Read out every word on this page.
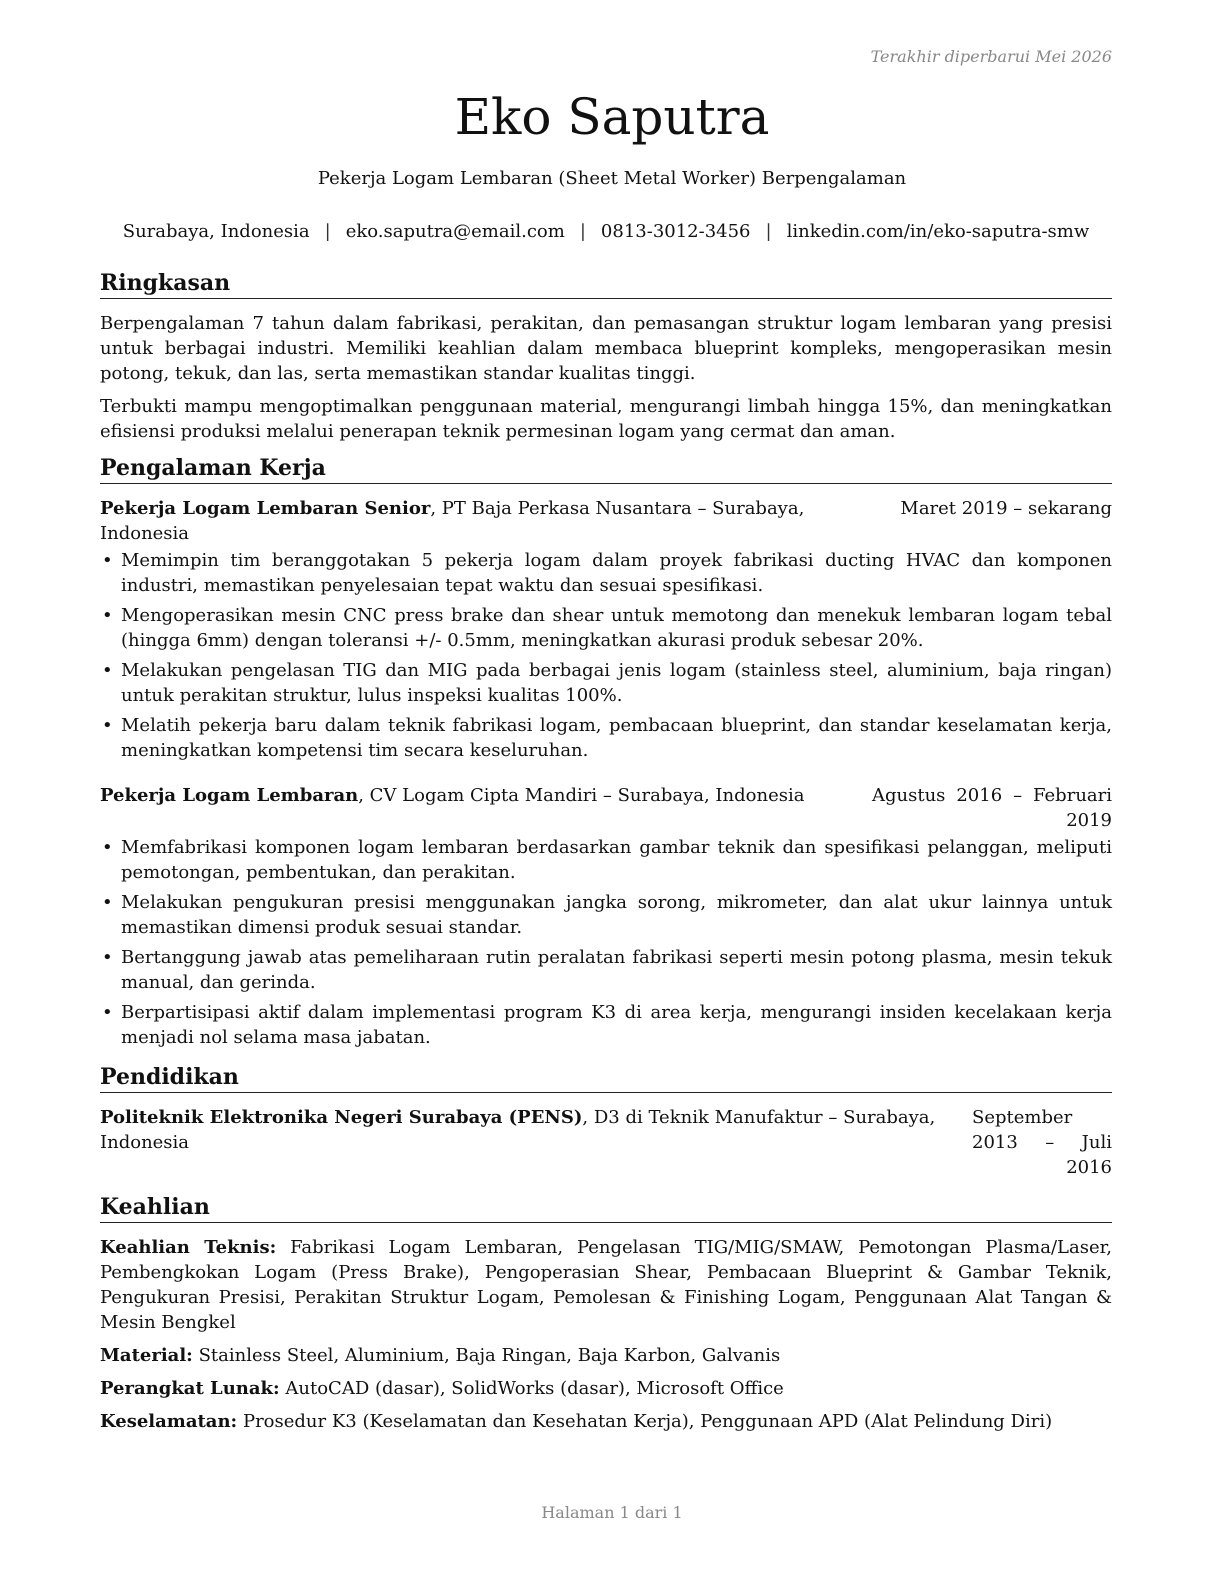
Terakhir diperbarui Mei 2026
Eko Saputra
Pekerja Logam Lembaran (Sheet Metal Worker) Berpengalaman
Surabaya, Indonesia | eko.saputra@email.com | 0813-3012-3456 | linkedin.com/in/eko-saputra-smw
Ringkasan

Berpengalaman 7 tahun dalam fabrikasi, perakitan, dan pemasangan struktur logam lembaran yang presisi untuk berbagai industri. Memiliki keahlian dalam membaca blueprint kompleks, mengoperasikan mesin potong, tekuk, dan las, serta memastikan standar kualitas tinggi.

Terbukti mampu mengoptimalkan penggunaan material, mengurangi limbah hingga 15%, dan meningkatkan efisiensi produksi melalui penerapan teknik permesinan logam yang cermat dan aman.

Pengalaman Kerja
Pekerja Logam Lembaran Senior, PT Baja Perkasa Nusantara – Surabaya, Indonesia
Maret 2019 – sekarang
• Memimpin tim beranggotakan 5 pekerja logam dalam proyek fabrikasi ducting HVAC dan komponen industri, memastikan penyelesaian tepat waktu dan sesuai spesifikasi.
• Mengoperasikan mesin CNC press brake dan shear untuk memotong dan menekuk lembaran logam tebal (hingga 6mm) dengan toleransi +/- 0.5mm, meningkatkan akurasi produk sebesar 20%.
• Melakukan pengelasan TIG dan MIG pada berbagai jenis logam (stainless steel, aluminium, baja ringan) untuk perakitan struktur, lulus inspeksi kualitas 100%.
• Melatih pekerja baru dalam teknik fabrikasi logam, pembacaan blueprint, dan standar keselamatan kerja, meningkatkan kompetensi tim secara keseluruhan.
Pekerja Logam Lembaran, CV Logam Cipta Mandiri – Surabaya, Indonesia	Agustus 2016 – Februari 2019
• Memfabrikasi komponen logam lembaran berdasarkan gambar teknik dan spesifikasi pelanggan, meliputi pemotongan, pembentukan, dan perakitan.
• Melakukan pengukuran presisi menggunakan jangka sorong, mikrometer, dan alat ukur lainnya untuk memastikan dimensi produk sesuai standar.
• Bertanggung jawab atas pemeliharaan rutin peralatan fabrikasi seperti mesin potong plasma, mesin tekuk manual, dan gerinda.
• Berpartisipasi aktif dalam implementasi program K3 di area kerja, mengurangi insiden kecelakaan kerja menjadi nol selama masa jabatan.
Pendidikan
Politeknik Elektronika Negeri Surabaya (PENS), D3 di Teknik Manufaktur – Surabaya, Indonesia
September 2013 – Juli 2016
Keahlian

Keahlian Teknis: Fabrikasi Logam Lembaran, Pengelasan TIG/MIG/SMAW, Pemotongan Plasma/Laser, Pembengkokan Logam (Press Brake), Pengoperasian Shear, Pembacaan Blueprint & Gambar Teknik, Pengukuran Presisi, Perakitan Struktur Logam, Pemolesan & Finishing Logam, Penggunaan Alat Tangan & Mesin Bengkel

Material: Stainless Steel, Aluminium, Baja Ringan, Baja Karbon, Galvanis

Perangkat Lunak: AutoCAD (dasar), SolidWorks (dasar), Microsoft Office

Keselamatan: Prosedur K3 (Keselamatan dan Kesehatan Kerja), Penggunaan APD (Alat Pelindung Diri)

Halaman 1 dari 1
